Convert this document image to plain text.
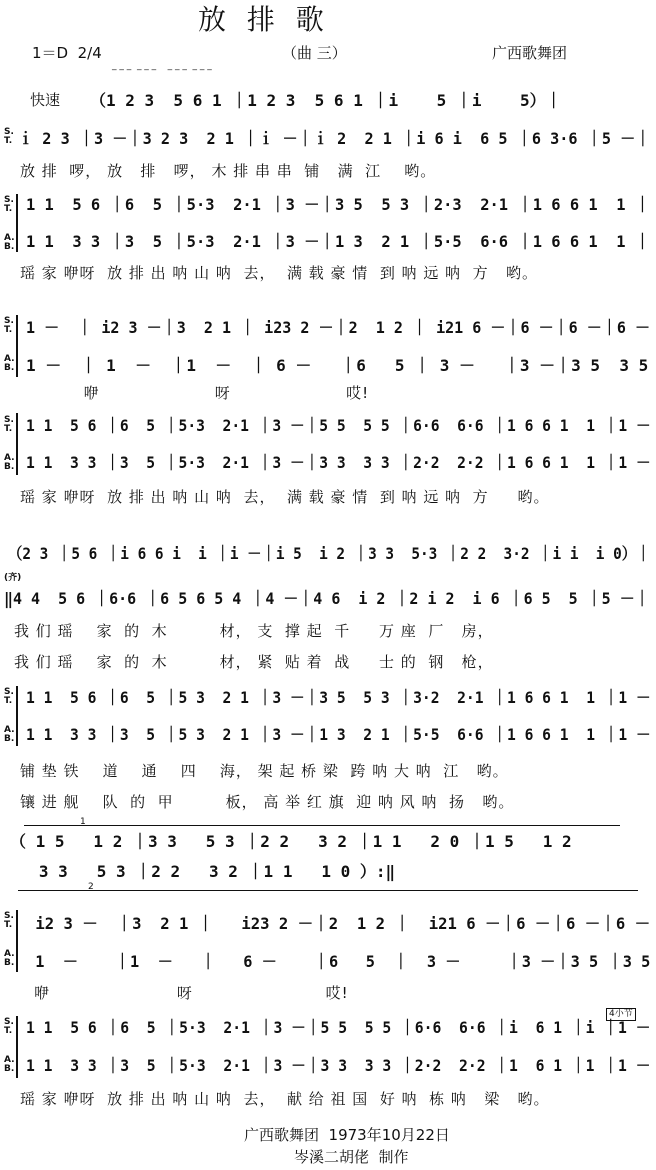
放 排 歌
1＝D  2/4	（曲 三）	广西歌舞团
快速 （1 2 3  5 6 1 ｜1 2 3  5 6 1 ｜i    5 ｜i    5）｜
‾ ‾ ‾  ‾ ‾ ‾    ‾ ‾ ‾  ‾ ‾ ‾
S.
T. ｉ 2 3 ｜3 －｜3 2 3  2 1 ｜ｉ －｜ｉ 2  2 1 ｜i 6 i  6 5 ｜6 3·6 ｜5 －｜
放 排  啰， 放   排   啰， 木 排 串 串  铺   满  江    哟。
S.
T.

A.
B.
1 1  5 6 ｜6  5 ｜5·3  2·1 ｜3 －｜3 5  5 3 ｜2·3  2·1 ｜1 6 6 1  1 ｜
1 1  3 3 ｜3  5 ｜5·3  2·1 ｜3 －｜1 3  2 1 ｜5·5  6·6 ｜1 6 6 1  1 ｜
瑶 家 咿呀  放 排 出 呐 山 呐  去，  满 载 豪 情  到 呐 远 呐  方   哟。
S.
T.

A.
B.
1 －  ｜ i2 3 －｜3  2 1 ｜ i23 2 －｜2  1 2 ｜ i21 6 －｜6 －｜6 －｜6 －
1 －  ｜ 1  －  ｜1  －  ｜ 6 －   ｜6   5 ｜ 3 －   ｜3 －｜3 5  3 5
咿                    呀                    哎!
S.
T.

A.
B.
1 1  5 6 ｜6  5 ｜5·3  2·1 ｜3 －｜5 5  5 5 ｜6·6  6·6 ｜1 6 6 1  1 ｜1 －
1 1  3 3 ｜3  5 ｜5·3  2·1 ｜3 －｜3 3  3 3 ｜2·2  2·2 ｜1 6 6 1  1 ｜1 －
瑶 家 咿呀  放 排 出 呐 山 呐  去，  满 载 豪 情  到 呐 远 呐  方     哟。
（2 3 ｜5 6 ｜i 6 6 i  i ｜i －｜i 5  i 2 ｜3 3  5·3 ｜2 2  3·2 ｜i i  i 0）｜
(齐)
‖4 4  5 6 ｜6·6 ｜6 5 6 5 4 ｜4 －｜4 6  i 2 ｜2 i 2  i 6 ｜6 5  5 ｜5 －｜
我 们 瑶    家  的  木         材， 支  撑 起  千     万 座  厂   房，
我 们 瑶    家  的  木         材， 紧  贴 着  战     士 的  钢   枪，
S.
T.

A.
B.
1 1  5 6 ｜6  5 ｜5 3  2 1 ｜3 －｜3 5  5 3 ｜3·2  2·1 ｜1 6 6 1  1 ｜1 －
1 1  3 3 ｜3  5 ｜5 3  2 1 ｜3 －｜1 3  2 1 ｜5·5  6·6 ｜1 6 6 1  1 ｜1 －
铺 垫 铁    道    通    四    海， 架 起 桥 梁  跨 呐 大 呐  江   哟。
镶 进 舰    队  的  甲         板， 高 举 红 旗  迎 呐 风 呐  扬   哟。
1
（ 1 5   1 2 ｜3 3   5 3 ｜2 2   3 2 ｜1 1   2 0 ｜1 5   1 2
3 3   5 3 ｜2 2   3 2 ｜1 1   1 0 ）:‖
2
S.
T.

A.
B.
i2 3 －  ｜3  2 1 ｜   i23 2 －｜2  1 2 ｜  i21 6 －｜6 －｜6 －｜6 －
1  －    ｜1  －   ｜   6 －    ｜6   5  ｜  3 －     ｜3 －｜3 5 ｜3 5
咿                      呀                       哎!
S.
T.

A.
B.
1 1  5 6 ｜6  5 ｜5·3  2·1 ｜3 －｜5 5  5 5 ｜6·6  6·6 ｜i  6 1 ｜i ｜1 －
1 1  3 3 ｜3  5 ｜5·3  2·1 ｜3 －｜3 3  3 3 ｜2·2  2·2 ｜1  6 1 ｜1 ｜1 －
4小节
瑶 家 咿呀  放 排 出 呐 山 呐  去，  献 给 祖 国  好 呐  栋 呐   梁   哟。
广西歌舞团  1973年10月22日
岑溪二胡佬  制作
